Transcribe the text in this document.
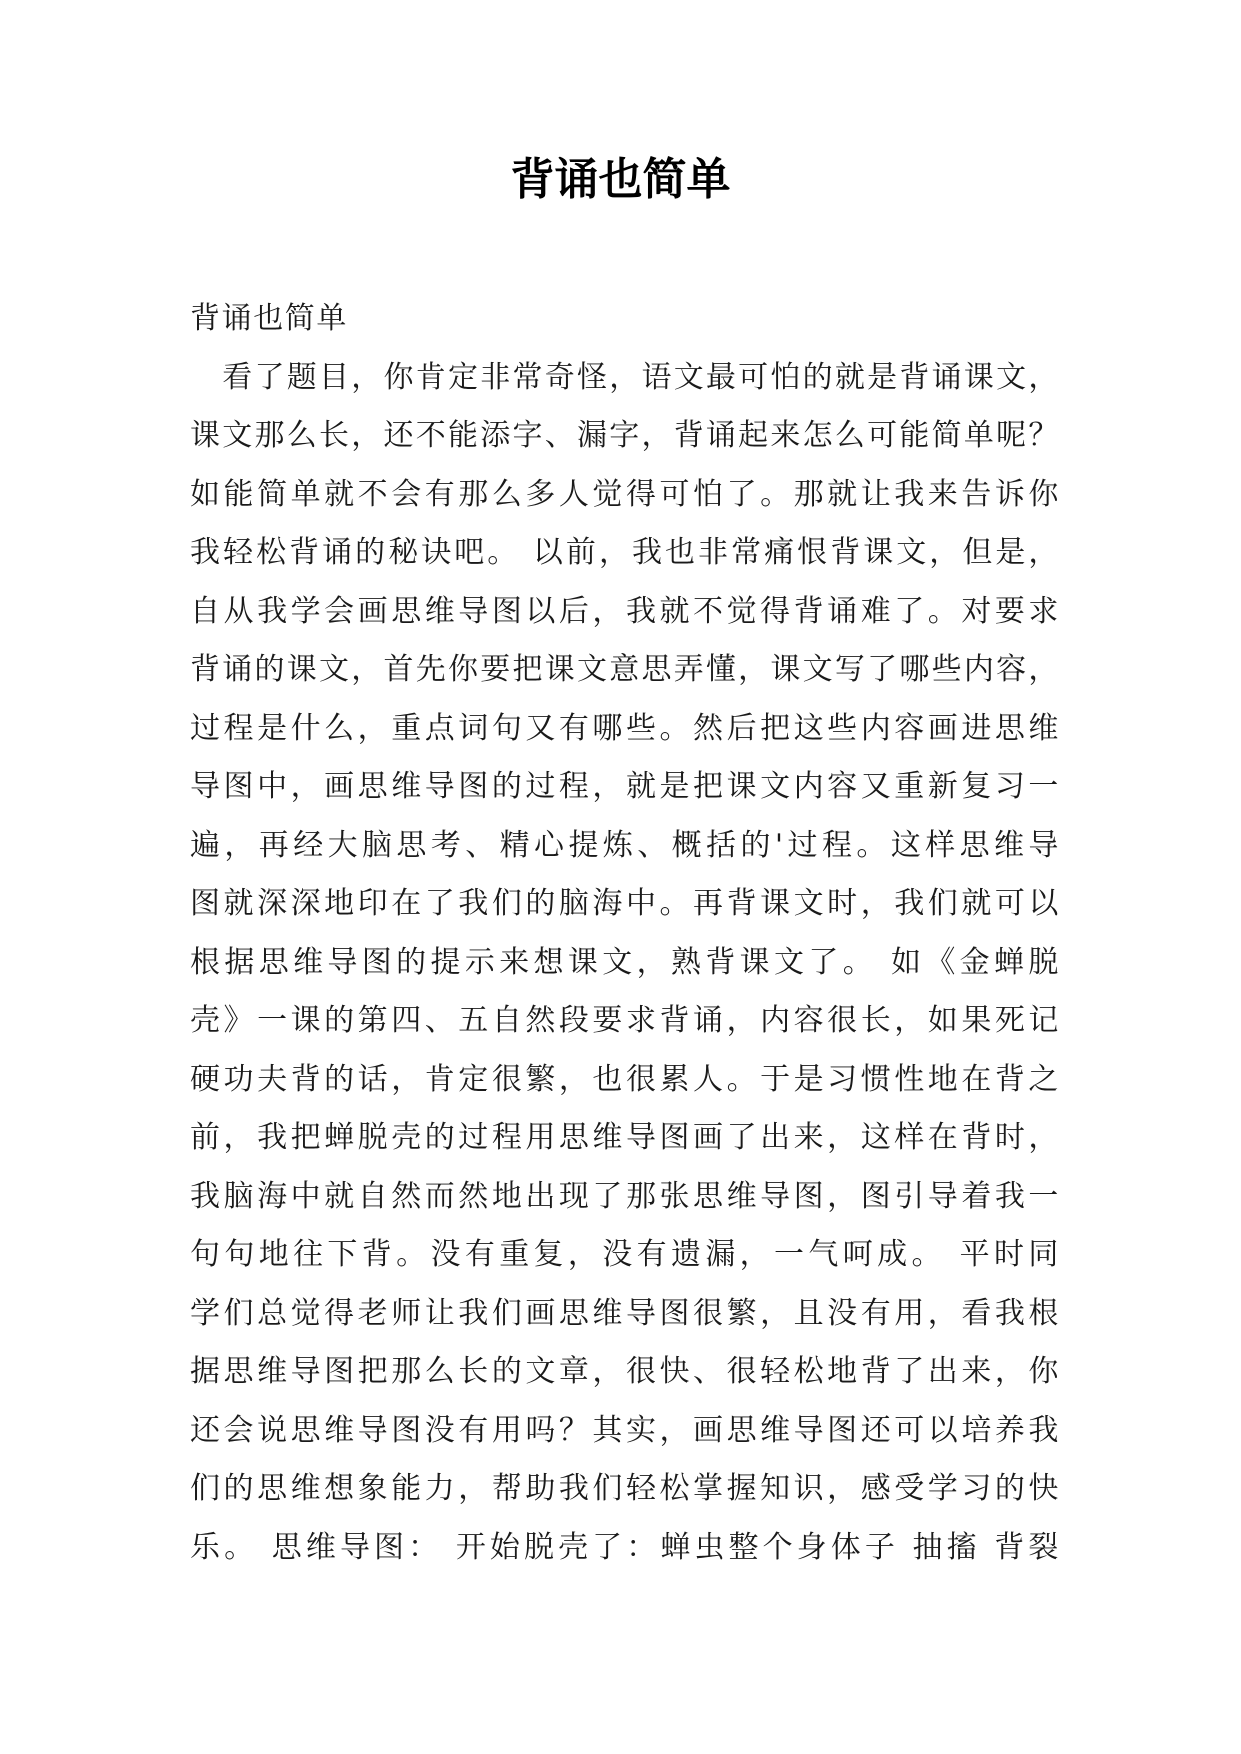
背诵也简单
背诵也简单
　看了题目，你肯定非常奇怪，语文最可怕的就是背诵课文，
课文那么长，还不能添字、漏字，背诵起来怎么可能简单呢？
如能简单就不会有那么多人觉得可怕了。那就让我来告诉你
我轻松背诵的秘诀吧。 以前，我也非常痛恨背课文，但是，
自从我学会画思维导图以后，我就不觉得背诵难了。对要求
背诵的课文，首先你要把课文意思弄懂，课文写了哪些内容，
过程是什么，重点词句又有哪些。然后把这些内容画进思维
导图中，画思维导图的过程，就是把课文内容又重新复习一
遍，再经大脑思考、精心提炼、概括的'过程。这样思维导
图就深深地印在了我们的脑海中。再背课文时，我们就可以
根据思维导图的提示来想课文，熟背课文了。 如《金蝉脱
壳》一课的第四、五自然段要求背诵，内容很长，如果死记
硬功夫背的话，肯定很繁，也很累人。于是习惯性地在背之
前，我把蝉脱壳的过程用思维导图画了出来，这样在背时，
我脑海中就自然而然地出现了那张思维导图，图引导着我一
句句地往下背。没有重复，没有遗漏，一气呵成。 平时同
学们总觉得老师让我们画思维导图很繁，且没有用，看我根
据思维导图把那么长的文章，很快、很轻松地背了出来，你
还会说思维导图没有用吗？其实，画思维导图还可以培养我
们的思维想象能力，帮助我们轻松掌握知识，感受学习的快
乐。 思维导图： 开始脱壳了：蝉虫整个身体子 抽搐 背裂
